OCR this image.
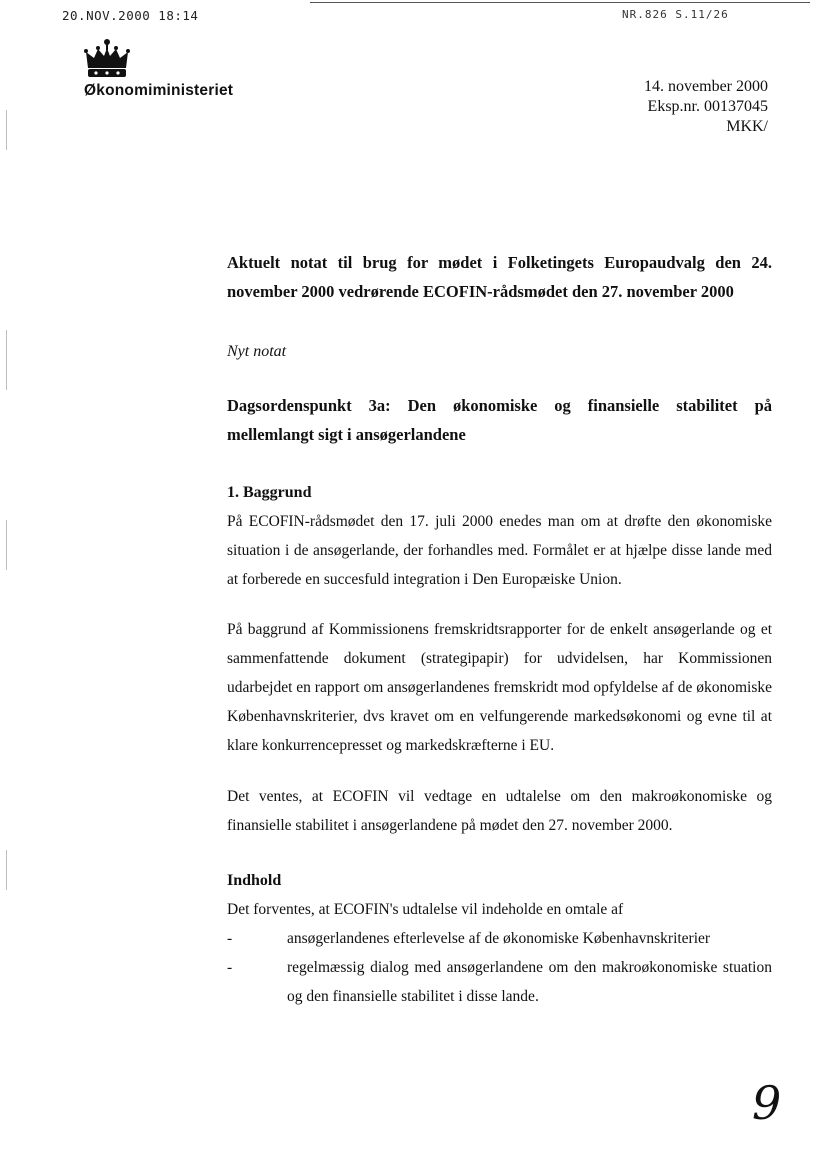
20.NOV.2000 18:14	NR.826 S.11/26
Økonomiministeriet	14. november 2000
Eksp.nr. 00137045
MKK/

Aktuelt notat til brug for mødet i Folketingets Europaudvalg den 24. november 2000 vedrørende ECOFIN-rådsmødet den 27. november 2000

Nyt notat

Dagsordenspunkt 3a: Den økonomiske og finansielle stabilitet på mellemlangt sigt i ansøgerlandene

1. Baggrund

På ECOFIN-rådsmødet den 17. juli 2000 enedes man om at drøfte den økonomiske situation i de ansøgerlande, der forhandles med. Formålet er at hjælpe disse lande med at forberede en succesfuld integration i Den Europæiske Union.

På baggrund af Kommissionens fremskridtsrapporter for de enkelt ansøgerlande og et sammenfattende dokument (strategipapir) for udvidelsen, har Kommissionen udarbejdet en rapport om ansøgerlandenes fremskridt mod opfyldelse af de økonomiske Københavnskriterier, dvs kravet om en velfungerende markedsøkonomi og evne til at klare konkurrencepresset og markedskræfterne i EU.

Det ventes, at ECOFIN vil vedtage en udtalelse om den makroøkonomiske og finansielle stabilitet i ansøgerlandene på mødet den 27. november 2000.

Indhold

Det forventes, at ECOFIN's udtalelse vil indeholde en omtale af

-	ansøgerlandenes efterlevelse af de økonomiske Københavnskriterier
-	regelmæssig dialog med ansøgerlandene om den makroøkonomiske stuation og den finansielle stabilitet i disse lande.
9
